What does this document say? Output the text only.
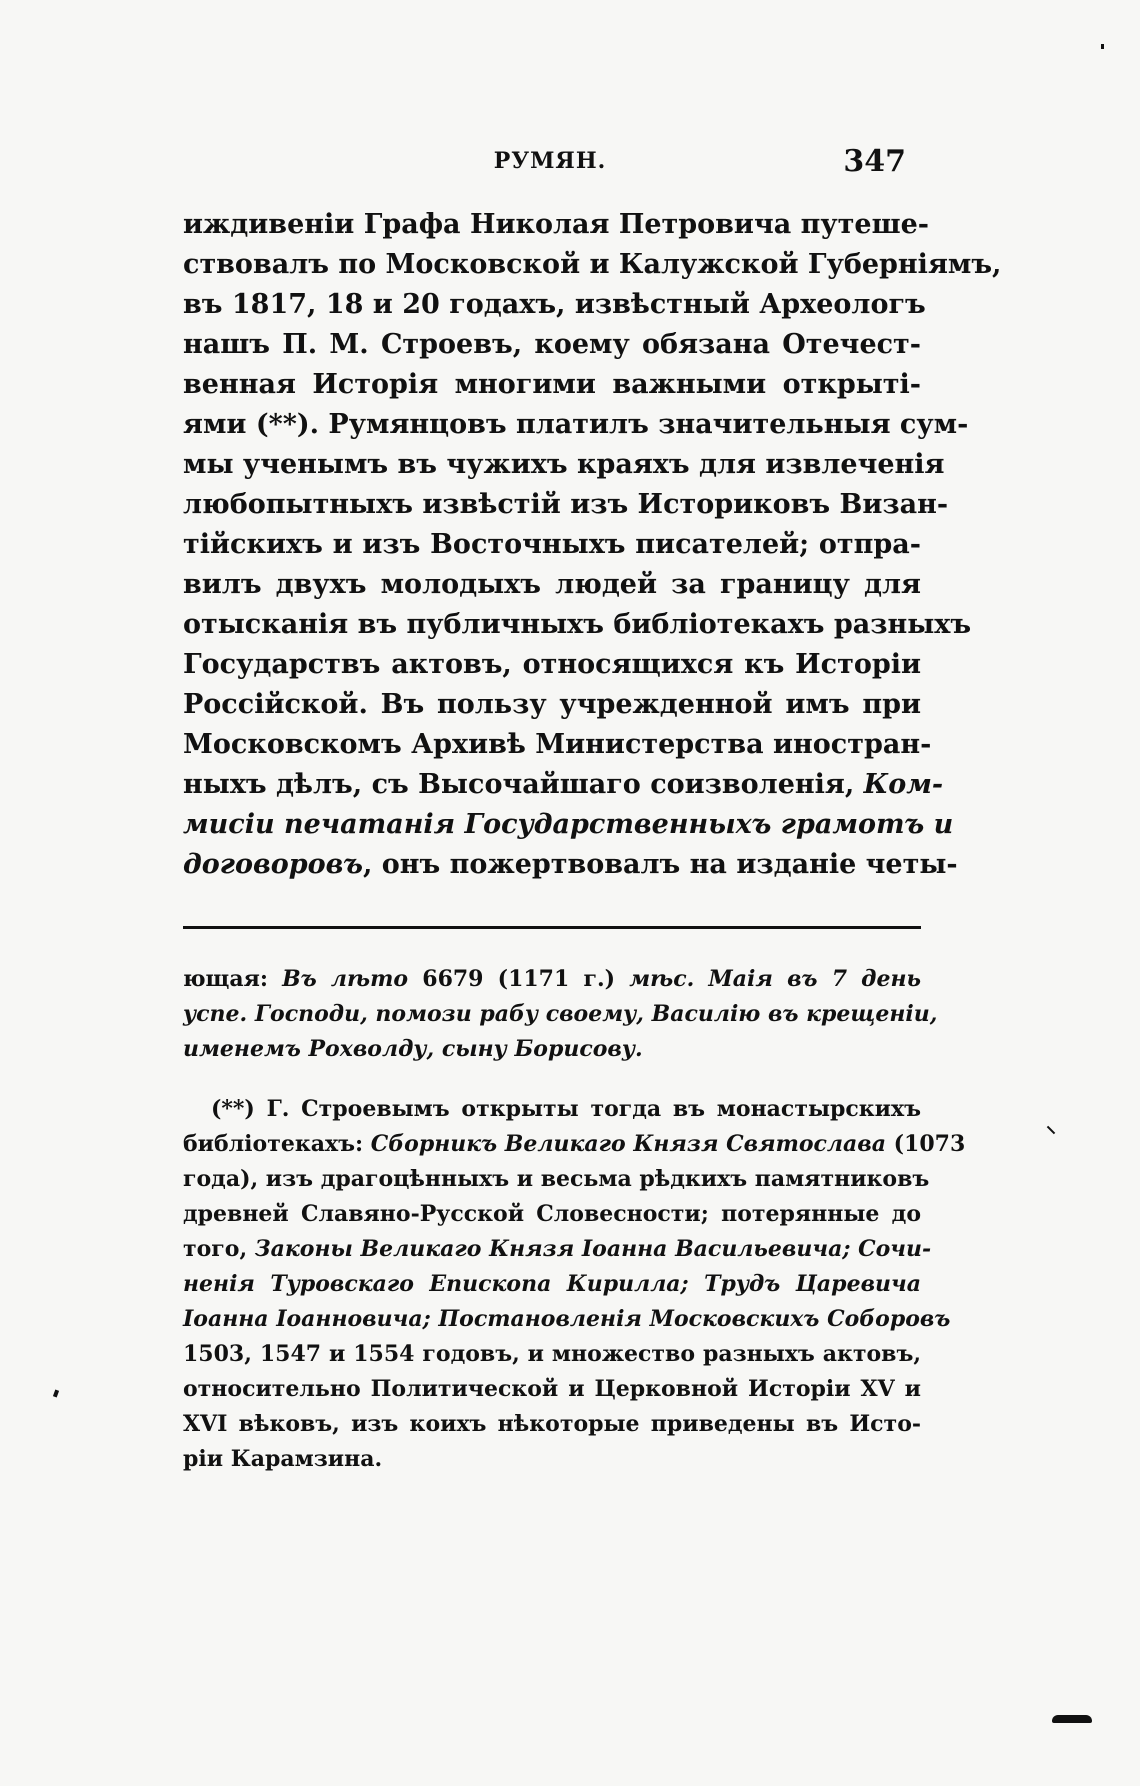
РУМЯН.	347
иждивеніи Графа Николая Петровича путеше-
ствовалъ по Московской и Калужской Губерніямъ,
въ 1817, 18 и 20 годахъ, извѣстный Археологъ
нашъ П. М. Строевъ, коему обязана Отечест-
венная Исторія многими важными открыті-
ями (**). Румянцовъ платилъ значительныя сум-
мы ученымъ въ чужихъ краяхъ для извлеченія
любопытныхъ извѣстій изъ Историковъ Визан-
тійскихъ и изъ Восточныхъ писателей; отпра-
вилъ двухъ молодыхъ людей за границу для
отысканія въ публичныхъ библіотекахъ разныхъ
Государствъ актовъ, относящихся къ Исторіи
Россійской. Въ пользу учрежденной имъ при
Московскомъ Архивѣ Министерства иностран-
ныхъ дѣлъ, съ Высочайшаго соизволенія, Ком-
мисіи печатанія Государственныхъ грамотъ и
договоровъ, онъ пожертвовалъ на изданіе четы-
ющая: Въ лѣто 6679 (1171 г.) мѣс. Маія въ 7 день
успе. Господи, помози рабу своему, Василію въ крещеніи,
именемъ Рохволду, сыну Борисову.
(**) Г. Строевымъ открыты тогда въ монастырскихъ
библіотекахъ: Сборникъ Великаго Князя Святослава (1073
года), изъ драгоцѣнныхъ и весьма рѣдкихъ памятниковъ
древней Славяно-Русской Словесности; потерянные до
того, Законы Великаго Князя Іоанна Васильевича; Сочи-
ненія Туровскаго Епископа Кирилла; Трудъ Царевича
Іоанна Іоанновича; Постановленія Московскихъ Соборовъ
1503, 1547 и 1554 годовъ, и множество разныхъ актовъ,
относительно Политической и Церковной Исторіи XV и
XVI вѣковъ, изъ коихъ нѣкоторые приведены въ Исто-
ріи Карамзина.
